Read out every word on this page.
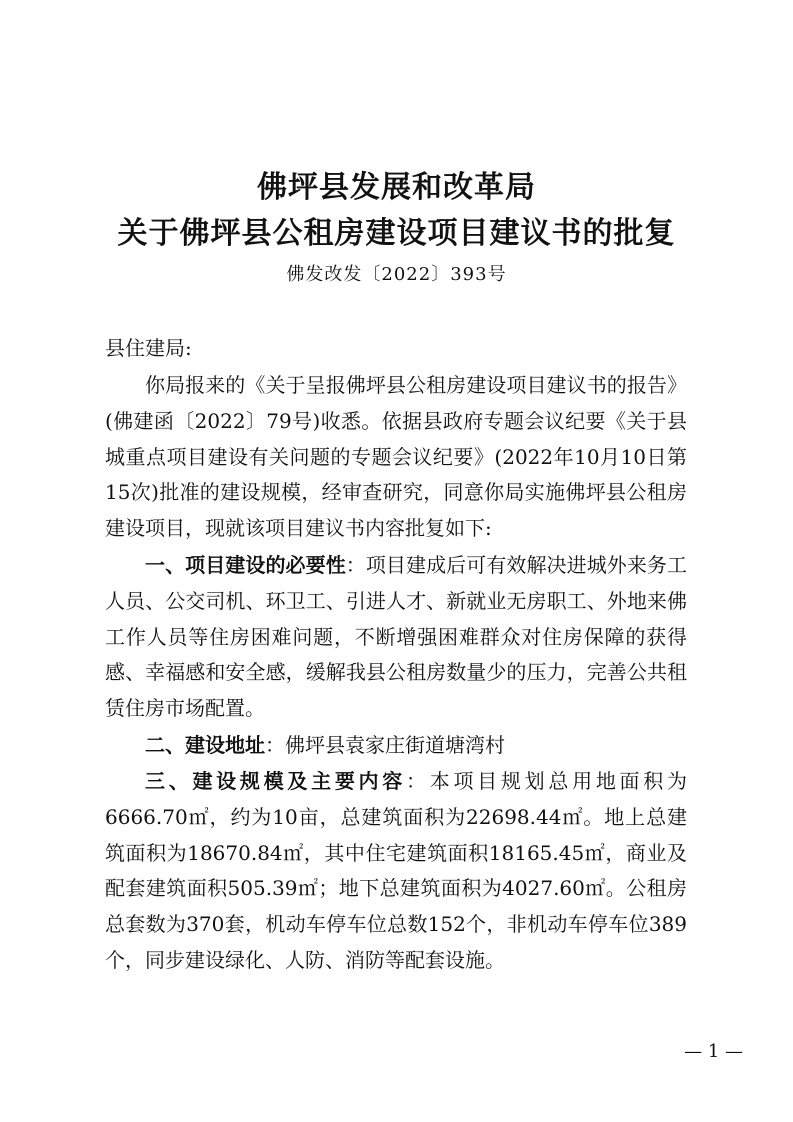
佛坪县发展和改革局
关于佛坪县公租房建设项目建议书的批复
佛发改发〔2022〕393号
县住建局:

你局报来的《关于呈报佛坪县公租房建设项目建议书的报告》(佛建函〔2022〕79号)收悉。依据县政府专题会议纪要《关于县城重点项目建设有关问题的专题会议纪要》(2022年10月10日第15次)批准的建设规模，经审查研究，同意你局实施佛坪县公租房建设项目，现就该项目建议书内容批复如下:

一、项目建设的必要性：项目建成后可有效解决进城外来务工人员、公交司机、环卫工、引进人才、新就业无房职工、外地来佛工作人员等住房困难问题，不断增强困难群众对住房保障的获得感、幸福感和安全感，缓解我县公租房数量少的压力，完善公共租赁住房市场配置。

二、建设地址：佛坪县袁家庄街道塘湾村

三、建设规模及主要内容：本项目规划总用地面积为6666.70㎡，约为10亩，总建筑面积为22698.44㎡。地上总建筑面积为18670.84㎡，其中住宅建筑面积18165.45㎡，商业及配套建筑面积505.39㎡；地下总建筑面积为4027.60㎡。公租房总套数为370套，机动车停车位总数152个，非机动车停车位389个，同步建设绿化、人防、消防等配套设施。

— 1 —
